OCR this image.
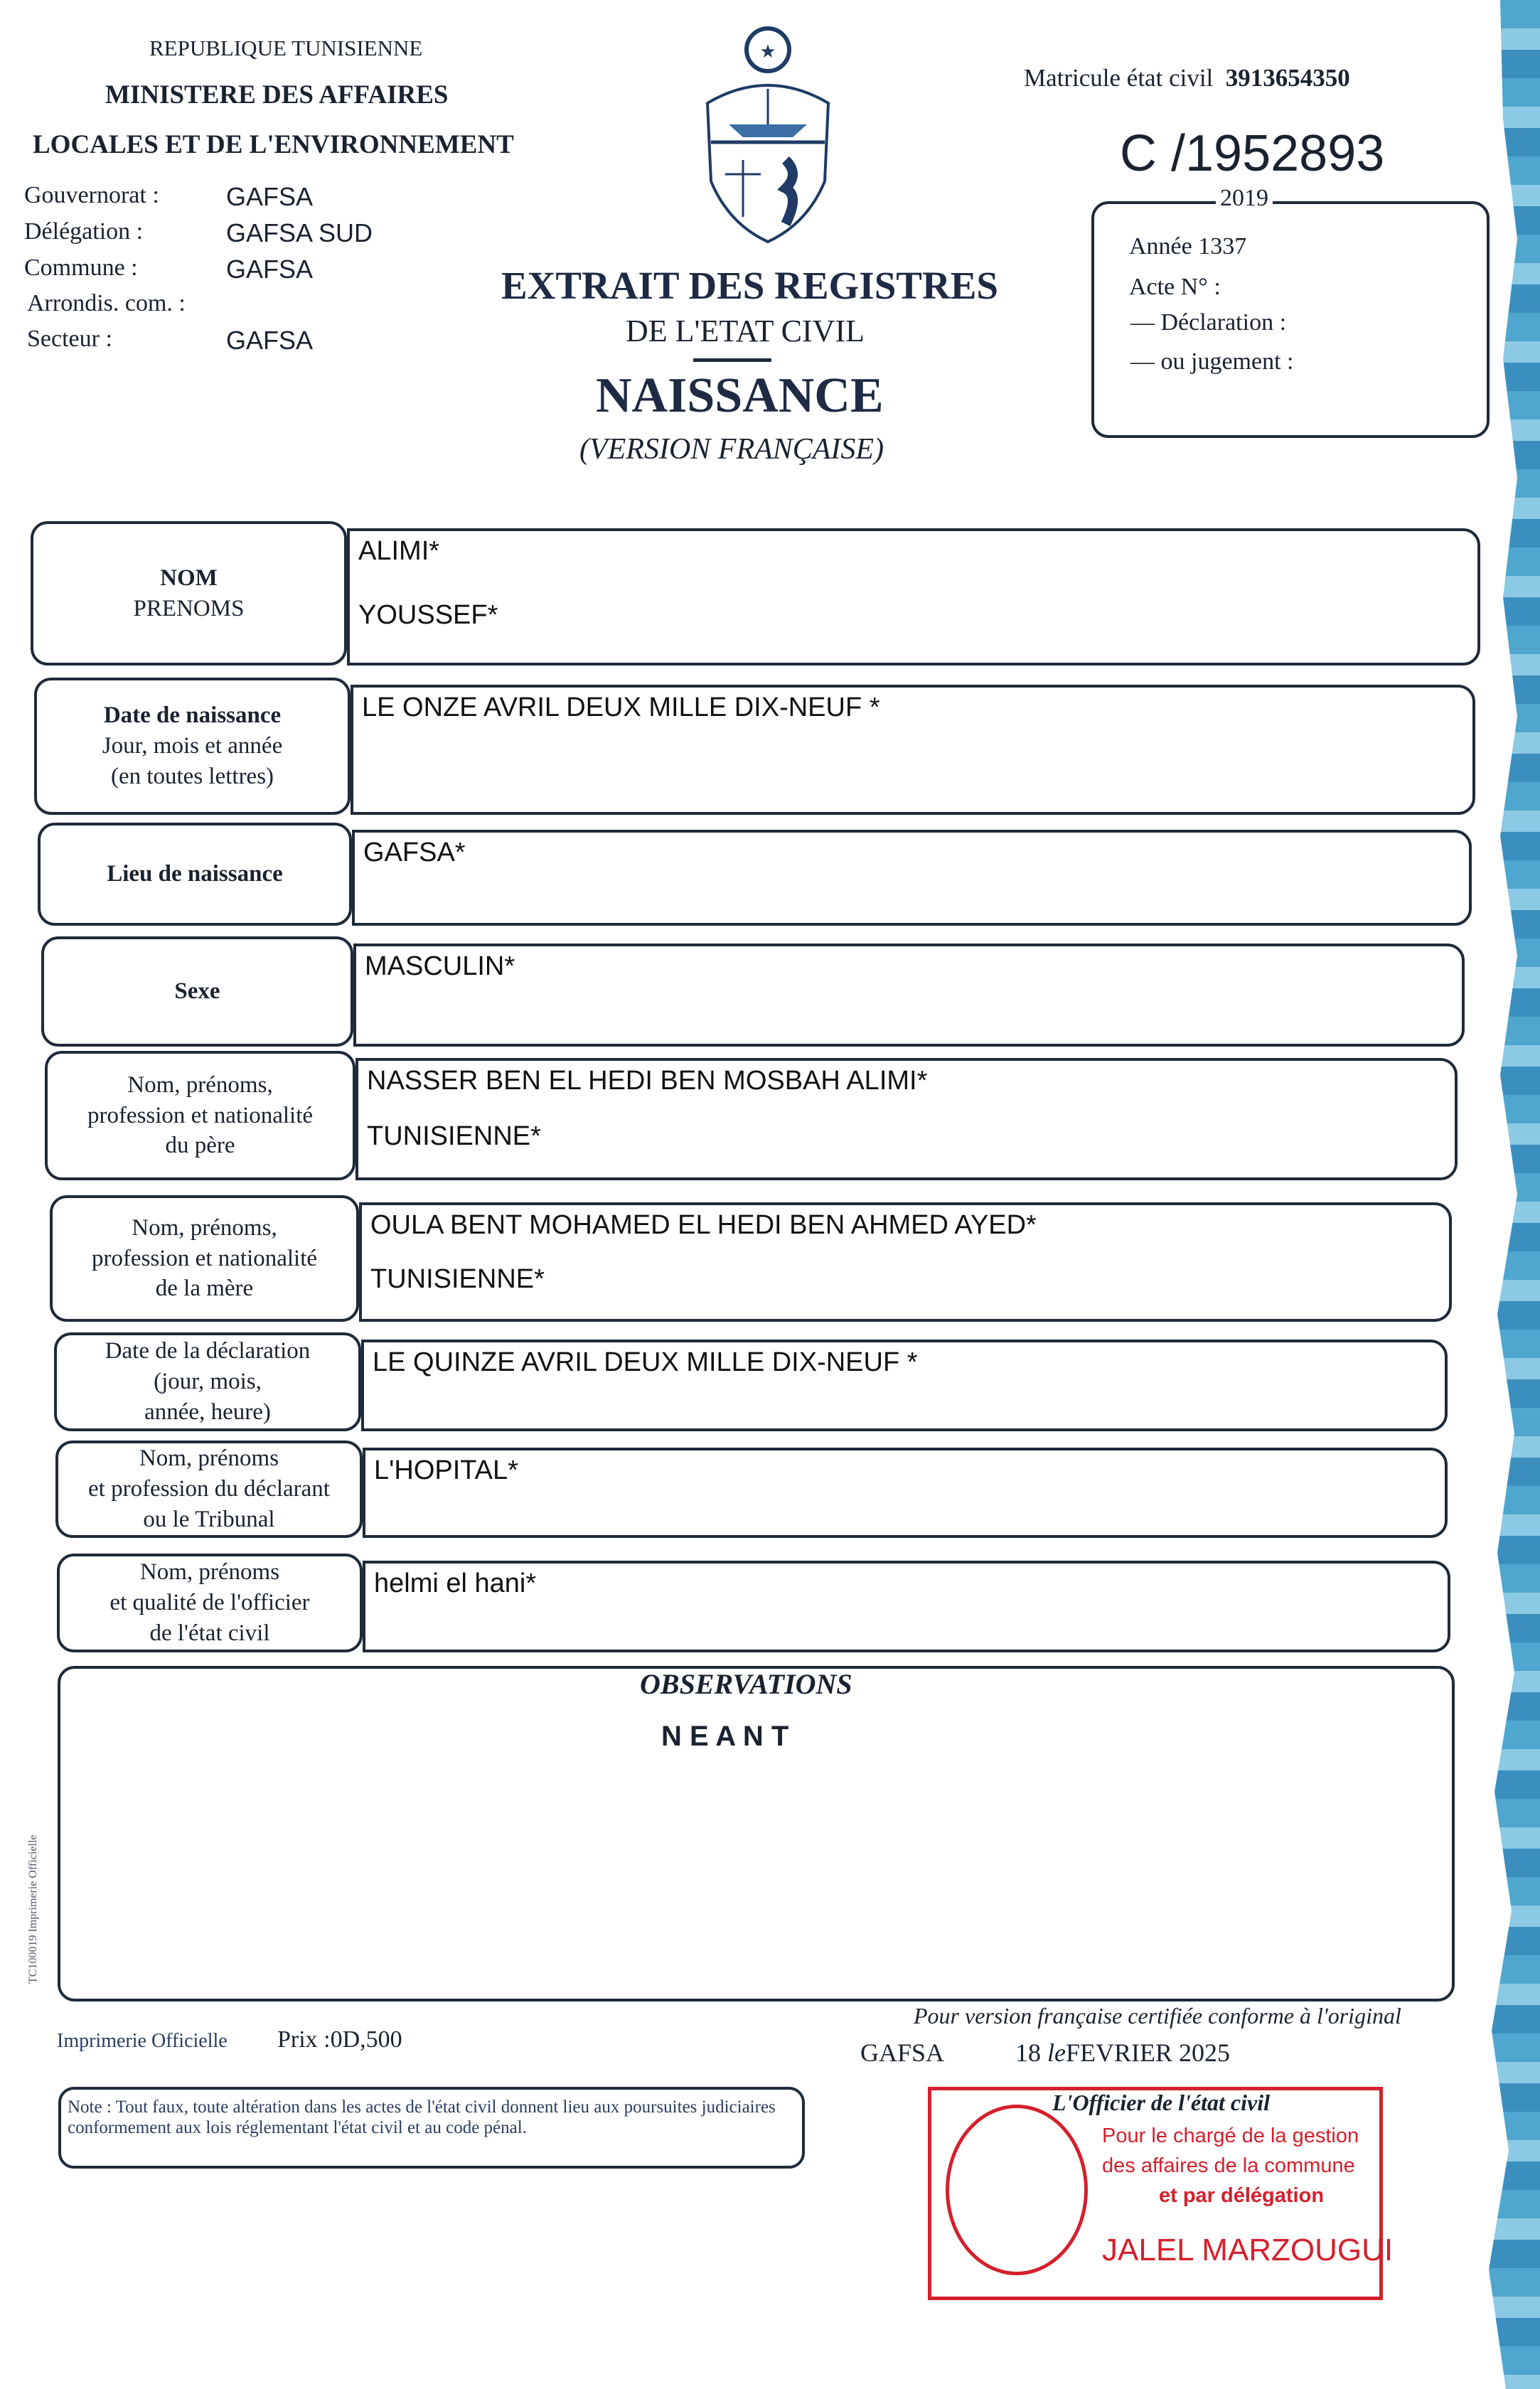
REPUBLIQUE TUNISIENNE
MINISTERE DES AFFAIRES
LOCALES ET DE L'ENVIRONNEMENT
Gouvernorat :
Délégation :
Commune :
Arrondis. com. :
Secteur :
GAFSA
GAFSA SUD
GAFSA
GAFSA
★
Matricule état civil 3913654350
C /1952893
2019
Année 1337
Acte N° :
— Déclaration :
— ou jugement :
EXTRAIT DES REGISTRES
DE L'ETAT CIVIL
NAISSANCE
(VERSION FRANÇAISE)
NOM
PRENOMS
ALIMI*
YOUSSEF*
Date de naissance
Jour, mois et année
(en toutes lettres)
LE ONZE AVRIL DEUX MILLE DIX-NEUF *
Lieu de naissance
GAFSA*
Sexe
MASCULIN*
Nom, prénoms,
profession et nationalité
du père
NASSER BEN EL HEDI BEN MOSBAH ALIMI*
TUNISIENNE*
Nom, prénoms,
profession et nationalité
de la mère
OULA BENT MOHAMED EL HEDI BEN AHMED AYED*
TUNISIENNE*
Date de la déclaration
(jour, mois,
année, heure)
LE QUINZE AVRIL DEUX MILLE DIX-NEUF *
Nom, prénoms
et profession du déclarant
ou le Tribunal
L'HOPITAL*
Nom, prénoms
et qualité de l'officier
de l'état civil
helmi el hani*
OBSERVATIONS
N E A N T
TC100019 Imprimerie Officielle
Imprimerie Officielle Prix :0D,500
Pour version française certifiée conforme à l'original
GAFSA	18 leFEVRIER 2025
Note : Tout faux, toute altération dans les actes de l'état civil donnent lieu aux poursuites judiciaires conformement aux lois réglementant l'état civil et au code pénal.
L'Officier de l'état civil
Pour le chargé de la gestion
des affaires de la commune
et par délégation
JALEL MARZOUGUI
